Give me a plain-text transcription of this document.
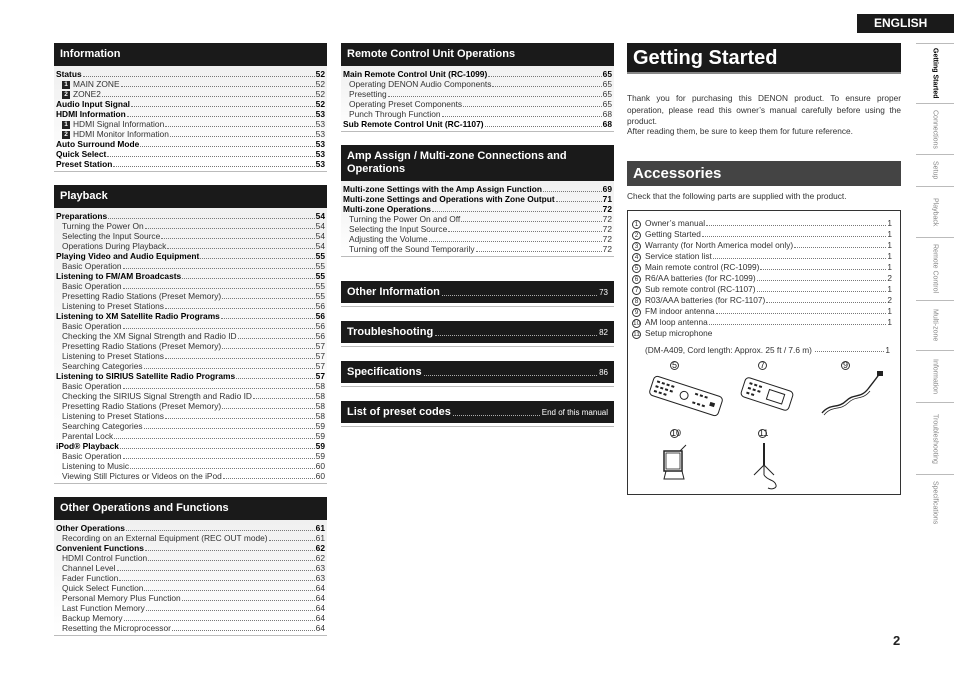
ENGLISH
Information
Status	52
1 MAIN ZONE	52
2 ZONE2	52
Audio Input Signal	52
HDMI Information	53
1 HDMI Signal Information	53
2 HDMI Monitor Information	53
Auto Surround Mode	53
Quick Select	53
Preset Station	53
Playback
Preparations	54
Turning the Power On	54
Selecting the Input Source	54
Operations During Playback	54
Playing Video and Audio Equipment	55
Basic Operation	55
Listening to FM/AM Broadcasts	55
Basic Operation	55
Presetting Radio Stations (Preset Memory)	55
Listening to Preset Stations	56
Listening to XM Satellite Radio Programs	56
Basic Operation	56
Checking the XM Signal Strength and Radio ID	56
Presetting Radio Stations (Preset Memory)	57
Listening to Preset Stations	57
Searching Categories	57
Listening to SIRIUS Satellite Radio Programs	57
Basic Operation	58
Checking the SIRIUS Signal Strength and Radio ID	58
Presetting Radio Stations (Preset Memory)	58
Listening to Preset Stations	58
Searching Categories	59
Parental Lock	59
iPod® Playback	59
Basic Operation	59
Listening to Music	60
Viewing Still Pictures or Videos on the iPod	60
Other Operations and Functions
Other Operations	61
Recording on an External Equipment (REC OUT mode)	61
Convenient Functions	62
HDMI Control Function	62
Channel Level	63
Fader Function	63
Quick Select Function	64
Personal Memory Plus Function	64
Last Function Memory	64
Backup Memory	64
Resetting the Microprocessor	64
Remote Control Unit Operations
Main Remote Control Unit (RC-1099)	65
Operating DENON Audio Components	65
Presetting	65
Operating Preset Components	65
Punch Through Function	68
Sub Remote Control Unit (RC-1107)	68
Amp Assign / Multi-zone Connections and Operations
Multi-zone Settings with the Amp Assign Function	69
Multi-zone Settings and Operations with Zone Output	71
Multi-zone Operations	72
Turning the Power On and Off	72
Selecting the Input Source	72
Adjusting the Volume	72
Turning off the Sound Temporarily	72
Other Information	73
Troubleshooting	82
Specifications	86
List of preset codes	End of this manual
Getting Started
Thank you for purchasing this DENON product. To ensure proper operation, please read this owner’s manual carefully before using the product.
After reading them, be sure to keep them for future reference.
Accessories
Check that the following parts are supplied with the product.
1 Owner’s manual	1
2 Getting Started	1
3 Warranty (for North America model only)	1
4 Service station list	1
5 Main remote control (RC-1099)	1
6 R6/AA batteries (for RC-1099)	2
7 Sub remote control (RC-1107)	1
8 R03/AAA batteries (for RC-1107)	2
9 FM indoor antenna	1
10 AM loop antenna	1
11 Setup microphone
( DM-A409, Cord length: Approx. 25 ft / 7.6 m)	1
5	7	9
10	11
Getting Started
Connections
Setup
Playback
Remote Control
Multi-zone
Information
Troubleshooting
Specifications
2
